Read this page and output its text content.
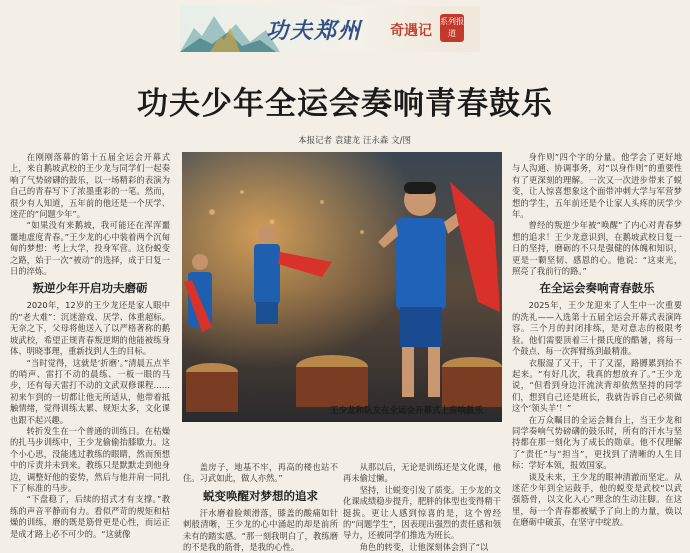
功夫郑州 奇遇记
系列报道
功夫少年全运会奏响青春鼓乐
本报记者 袁建龙 汪永森 文/图

在刚刚落幕的第十五届全运会开幕式上，来自鹅坡武校的王少龙与同学们一起奏响了气势磅礴的鼓乐，以一场精彩的表演为自己的青春写下了浓墨重彩的一笔。然而，很少有人知道，五年前的他还是一个厌学、迷茫的“问题少年”。

“如果没有来鹅坡，我可能还在浑浑噩噩地虚度青春。”王少龙的心中装着两个沉甸甸的梦想：考上大学，投身军营。这份蜕变之路，始于一次“被动”的选择，成于日复一日的淬炼。

叛逆少年开启功夫磨砺

2020年，12岁的王少龙还是家人眼中的“老大难”：沉迷游戏、厌学、体重超标。无奈之下，父母将他送入了以严格著称的鹅坡武校，希望正规青春叛逆期的他能被练身体、明晓事理，重新找到人生的目标。

“当时觉得，这就是‘折磨’。”清晨五点半的哨声、雷打不动的晨练、一板一眼的马步，还有每天雷打不动的文武双修课程……初来乍到的一切都让他无所适从，他带着抵触情绪，觉得训练太累、规矩太多，文化课也跟不起兴趣。

转折发生在一个普通的训练日。在枯燥的扎马步训练中，王少龙偷偷抬膝歇力。这个小心思，没能逃过教练的眼睛，然而预想中的斥责并未到来。教练只是默默走到他身边，调整好他的姿势，然后与他并肩一同扎下了标准的马步。

“下盘稳了，后续的招式才有支撑。”教练的声音平静而有力。看似严苛的规矩和枯燥的训练，磨的既是筋骨更是心性，而运正是成才路上必不可少的。“这就像

王少龙和队友在全运会开幕式上奏响鼓乐

盖房子，地基不牢，再高的楼也站不住。习武如此，做人亦然。”

蜕变唤醒对梦想的追求

汗水磨着脸颊滑落，膝盖的酸痛如针刺般清晰，王少龙的心中涌起的却是前所未有的踏实感。“那一刻我明白了，教练磨的不是我的筋骨，是我的心性。

从那以后，无论是训练还是文化课，他再未偷过懒。

坚持，让蜕变引发了质变。王少龙的文化课成绩稳步提升，肥胖的体型也变得精干挺拔。更让人感到惊喜的是，这个曾经的“问题学生”，因表现出强烈的责任感和领导力，还被同学们推选为班长。

角色的转变，让他深刻体会到了“以

身作则”四个字的分量。他学会了更好地与人沟通、协调事务，对“以身作则”的重要性有了更深刻的理解。一次又一次进步带来了蜕变，让人惊喜想象这个面带冲刺大学与军营梦想的学生，五年前还是个让家人头疼的厌学少年。

曾经的叛逆少年被“唤醒”了内心对青春梦想的追求！王少龙意识到，在鹅坡武校日复一日的坚持，磨砺的不只是强健的体魄和知识，更是一颗坚韧、感恩的心。他说：“这束光，照亮了我前行的路。”

在全运会奏响青春鼓乐

2025年，王少龙迎来了人生中一次重要的洗礼——入选第十五届全运会开幕式表演阵容。三个月的封闭排练，是对意志的极限考验。他们需要顶着三十摄氏度的酷暑，将每一个鼓点、每一次挥臂练到最精准。

衣服湿了又干，干了又湿，路膊累到抬不起来。“有好几次，我真的想放弃了。”王少龙说，“但看到身边汗流浃背却依然坚持的同学们，想到自己还是班长，我就告诉自己必须做这个‘领头羊’！”

在万众瞩目的全运会舞台上，当王少龙和同学奏响气势磅礴的鼓乐时，所有的汗水与坚持都在那一刻化为了成长的勋章。他不仅理解了“责任”与“担当”，更找到了清晰的人生目标：学好本领，报效国家。

谈及未来，王少龙的眼神清澈而坚定。从迷茫少年到全运鼓手，他的蜕变是武校“以武强筋骨，以文化入心”理念的生动注脚。在这里，每一个青春都被赋予了向上的力量，焕以在磨砺中破茧，在坚守中绽放。
